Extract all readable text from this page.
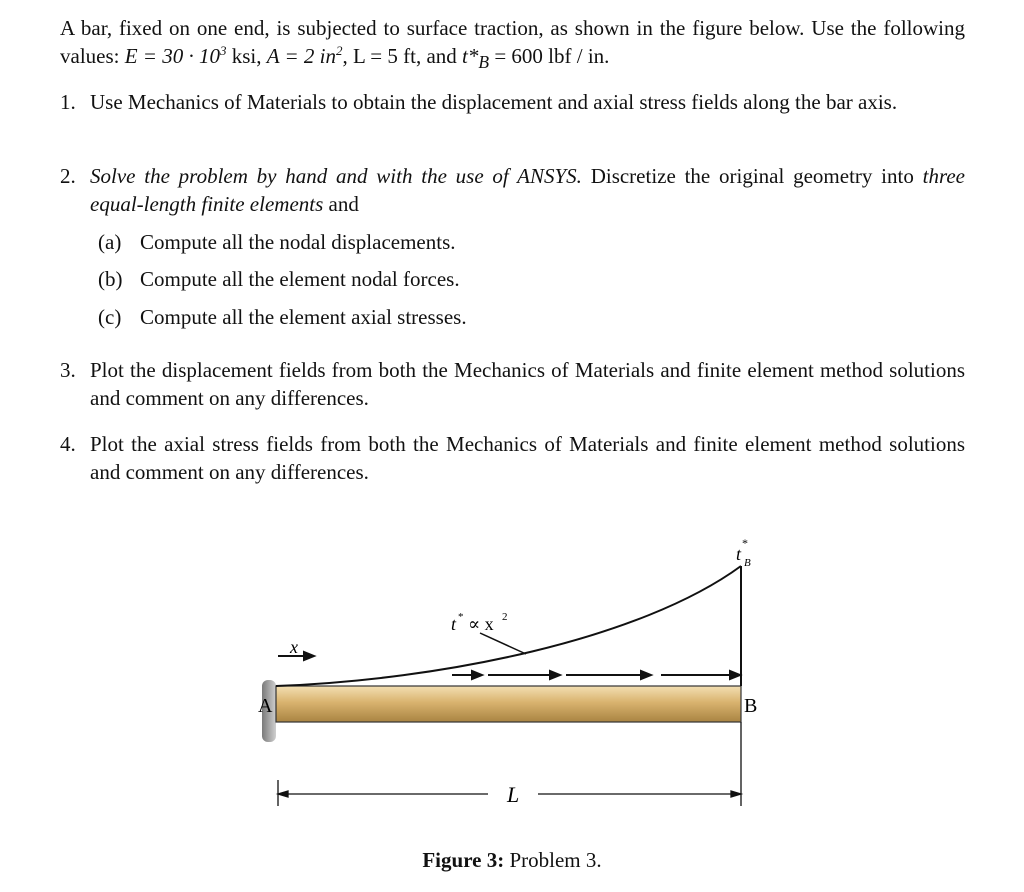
A bar, fixed on one end, is subjected to surface traction, as shown in the figure below. Use the following values: $E = 30 \cdot 10^3$ ksi, A = 2 $in^2$, L = 5 ft, and $t*_B = 600$ lbf / in.
1. Use Mechanics of Materials to obtain the displacement and axial stress fields along the bar axis.
2. Solve the problem by hand and with the use of ANSYS. Discretize the original geometry into three equal-length finite elements and
(a) Compute all the nodal displacements.
(b) Compute all the element nodal forces.
(c) Compute all the element axial stresses.
3. Plot the displacement fields from both the Mechanics of Materials and finite element method solutions and comment on any differences.
4. Plot the axial stress fields from both the Mechanics of Materials and finite element method solutions and comment on any differences.
A	B
x
L
t
*
B
t * ∝ x 2
Figure 3: Problem 3.
